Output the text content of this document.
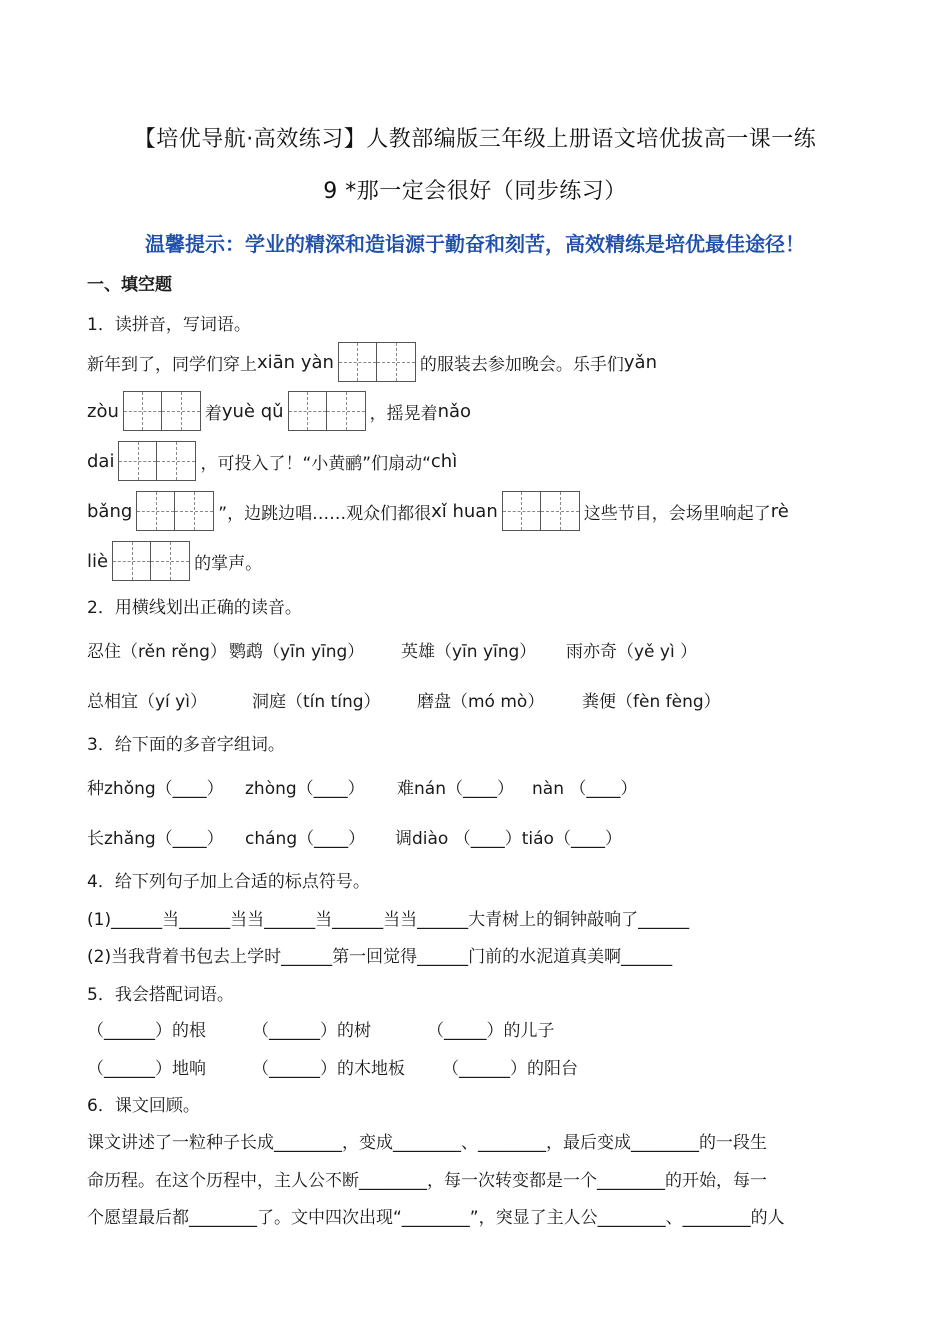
【培优导航·高效练习】人教部编版三年级上册语文培优拔高一课一练
9 *那一定会很好（同步练习）
温馨提示：学业的精深和造诣源于勤奋和刻苦，高效精练是培优最佳途径！
一、填空题
1．读拼音，写词语。
新年到了，同学们穿上 xiān yàn	的服装去参加晚会。乐手们 yǎn
zòu	着 yuè qǔ	，摇晃着 nǎo
dai	，可投入了！“小黄鹂”们扇动“ chì
bǎng	”，边跳边唱……观众们都很 xǐ huan	这些节目，会场里响起了 rè
liè	的掌声。
2．用横线划出正确的读音。
忍住（rěn rěng） 鹦鹉（yīn yīng）	英雄（yīn yīng）	雨亦奇（yě yì ）
总相宜（yí yì）	洞庭（tín tíng）	磨盘（mó mò）	粪便（fèn fèng）
3．给下面的多音字组词。
种zhǒng（____）	zhòng（____）	难nán（____）	nàn （____）
长zhǎng（____）	cháng（____）	调diào （____）tiáo（____）
4．给下列句子加上合适的标点符号。
(1)______当______当当______当______当当______大青树上的铜钟敲响了______
(2)当我背着书包去上学时______第一回觉得______门前的水泥道真美啊______
5．我会搭配词语。
（______）的根	（______）的树	（_____）的儿子
（______）地响	（______）的木地板	（______）的阳台
6．课文回顾。
课文讲述了一粒种子长成________，变成________、________，最后变成________的一段生
命历程。在这个历程中，主人公不断________，每一次转变都是一个________的开始，每一
个愿望最后都________了。文中四次出现“________”，突显了主人公________、________的人
